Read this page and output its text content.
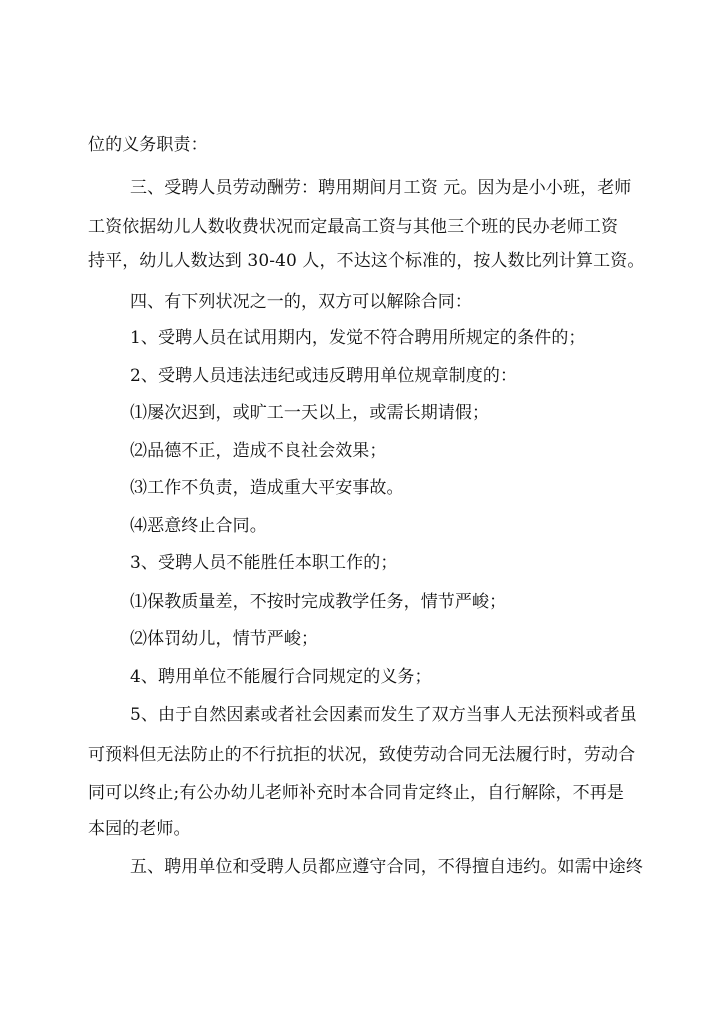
位的义务职责：
三、受聘人员劳动酬劳：聘用期间月工资 元。因为是小小班，老师
工资依据幼儿人数收费状况而定最高工资与其他三个班的民办老师工资
持平，幼儿人数达到 30-40 人，不达这个标准的，按人数比列计算工资。
四、有下列状况之一的，双方可以解除合同：
1、受聘人员在试用期内，发觉不符合聘用所规定的条件的；
2、受聘人员违法违纪或违反聘用单位规章制度的：
⑴屡次迟到，或旷工一天以上，或需长期请假；
⑵品德不正，造成不良社会效果；
⑶工作不负责，造成重大平安事故。
⑷恶意终止合同。
3、受聘人员不能胜任本职工作的；
⑴保教质量差，不按时完成教学任务，情节严峻；
⑵体罚幼儿，情节严峻；
4、聘用单位不能履行合同规定的义务；
5、由于自然因素或者社会因素而发生了双方当事人无法预料或者虽
可预料但无法防止的不行抗拒的状况，致使劳动合同无法履行时，劳动合
同可以终止;有公办幼儿老师补充时本合同肯定终止，自行解除，不再是
本园的老师。
五、聘用单位和受聘人员都应遵守合同，不得擅自违约。如需中途终
